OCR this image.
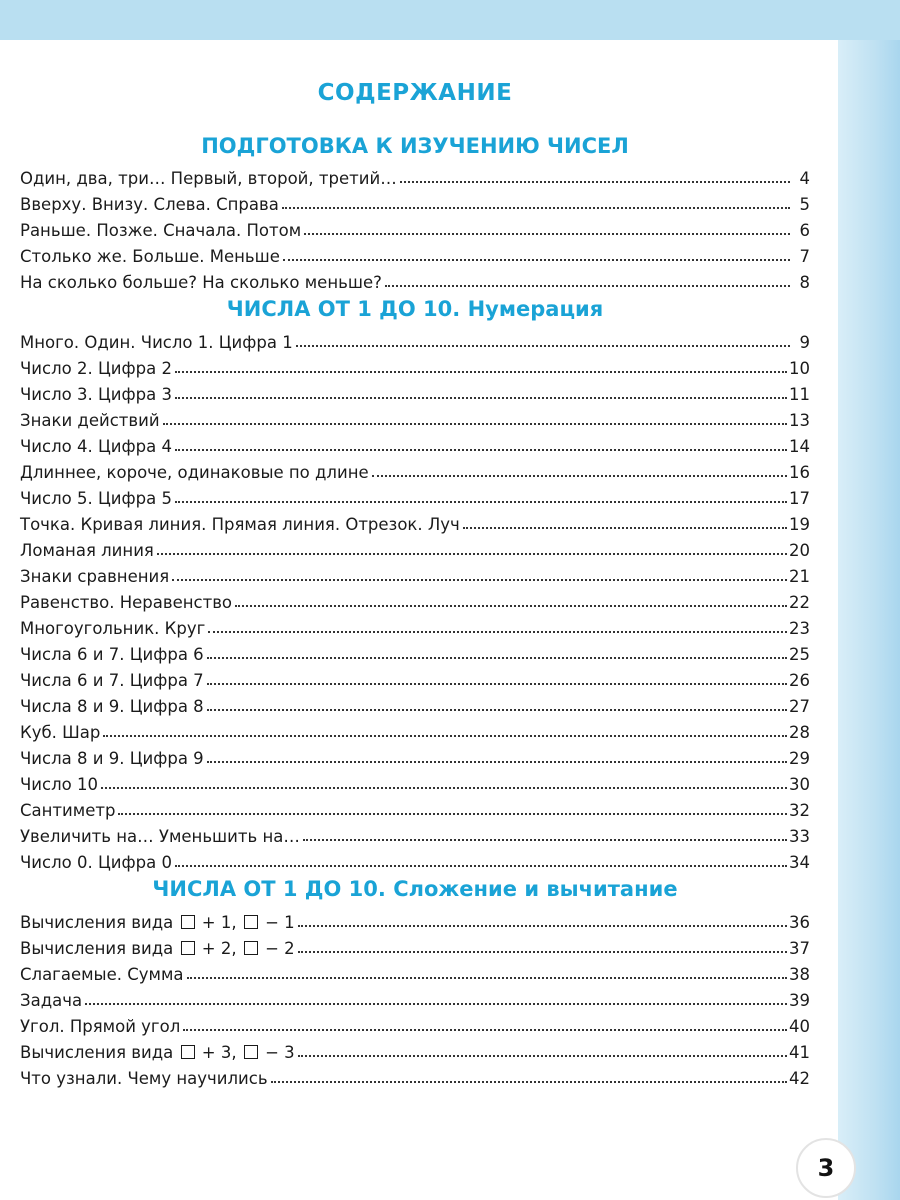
СОДЕРЖАНИЕ
ПОДГОТОВКА К ИЗУЧЕНИЮ ЧИСЕЛ
Один, два, три… Первый, второй, третий…	4
Вверху. Внизу. Слева. Справа	5
Раньше. Позже. Сначала. Потом	6
Столько же. Больше. Меньше	7
На сколько больше? На сколько меньше?	8
ЧИСЛА ОТ 1 ДО 10. Нумерация
Много. Один. Число 1. Цифра 1	9
Число 2. Цифра 2	10
Число 3. Цифра 3	11
Знаки действий	13
Число 4. Цифра 4	14
Длиннее, короче, одинаковые по длине	16
Число 5. Цифра 5	17
Точка. Кривая линия. Прямая линия. Отрезок. Луч	19
Ломаная линия	20
Знаки сравнения	21
Равенство. Неравенство	22
Многоугольник. Круг	23
Числа 6 и 7. Цифра 6	25
Числа 6 и 7. Цифра 7	26
Числа 8 и 9. Цифра 8	27
Куб. Шар	28
Числа 8 и 9. Цифра 9	29
Число 10	30
Сантиметр	32
Увеличить на… Уменьшить на…	33
Число 0. Цифра 0	34
ЧИСЛА ОТ 1 ДО 10. Сложение и вычитание
Вычисления вида + 1, − 1	36
Вычисления вида + 2, − 2	37
Слагаемые. Сумма	38
Задача	39
Угол. Прямой угол	40
Вычисления вида + 3, − 3	41
Что узнали. Чему научились	42
3
